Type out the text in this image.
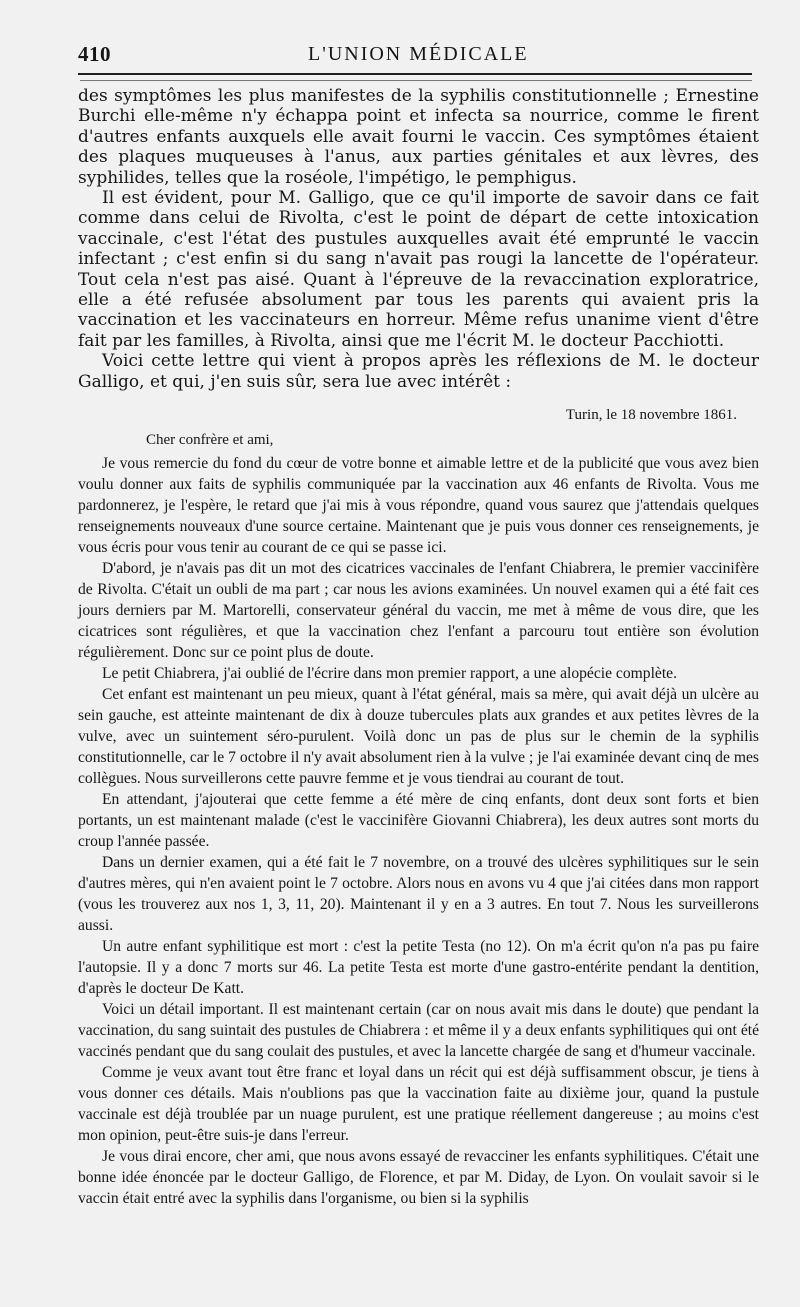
410	L'UNION MÉDICALE

des symptômes les plus manifestes de la syphilis constitutionnelle ; Ernestine Burchi elle-même n'y échappa point et infecta sa nourrice, comme le firent d'autres enfants auxquels elle avait fourni le vaccin. Ces symptômes étaient des plaques muqueuses à l'anus, aux parties génitales et aux lèvres, des syphilides, telles que la roséole, l'impétigo, le pemphigus.

Il est évident, pour M. Galligo, que ce qu'il importe de savoir dans ce fait comme dans celui de Rivolta, c'est le point de départ de cette intoxication vaccinale, c'est l'état des pustules auxquelles avait été emprunté le vaccin infectant ; c'est enfin si du sang n'avait pas rougi la lancette de l'opérateur. Tout cela n'est pas aisé. Quant à l'épreuve de la revaccination exploratrice, elle a été refusée absolument par tous les parents qui avaient pris la vaccination et les vaccinateurs en horreur. Même refus unanime vient d'être fait par les familles, à Rivolta, ainsi que me l'écrit M. le docteur Pacchiotti.

Voici cette lettre qui vient à propos après les réflexions de M. le docteur Galligo, et qui, j'en suis sûr, sera lue avec intérêt :

Turin, le 18 novembre 1861.
Cher confrère et ami,

Je vous remercie du fond du cœur de votre bonne et aimable lettre et de la publicité que vous avez bien voulu donner aux faits de syphilis communiquée par la vaccination aux 46 enfants de Rivolta. Vous me pardonnerez, je l'espère, le retard que j'ai mis à vous répondre, quand vous saurez que j'attendais quelques renseignements nouveaux d'une source certaine. Maintenant que je puis vous donner ces renseignements, je vous écris pour vous tenir au courant de ce qui se passe ici.

D'abord, je n'avais pas dit un mot des cicatrices vaccinales de l'enfant Chiabrera, le premier vaccinifère de Rivolta. C'était un oubli de ma part ; car nous les avions examinées. Un nouvel examen qui a été fait ces jours derniers par M. Martorelli, conservateur général du vaccin, me met à même de vous dire, que les cicatrices sont régulières, et que la vaccination chez l'enfant a parcouru tout entière son évolution régulièrement. Donc sur ce point plus de doute.

Le petit Chiabrera, j'ai oublié de l'écrire dans mon premier rapport, a une alopécie complète.

Cet enfant est maintenant un peu mieux, quant à l'état général, mais sa mère, qui avait déjà un ulcère au sein gauche, est atteinte maintenant de dix à douze tubercules plats aux grandes et aux petites lèvres de la vulve, avec un suintement séro-purulent. Voilà donc un pas de plus sur le chemin de la syphilis constitutionnelle, car le 7 octobre il n'y avait absolument rien à la vulve ; je l'ai examinée devant cinq de mes collègues. Nous surveillerons cette pauvre femme et je vous tiendrai au courant de tout.

En attendant, j'ajouterai que cette femme a été mère de cinq enfants, dont deux sont forts et bien portants, un est maintenant malade (c'est le vaccinifère Giovanni Chiabrera), les deux autres sont morts du croup l'année passée.

Dans un dernier examen, qui a été fait le 7 novembre, on a trouvé des ulcères syphilitiques sur le sein d'autres mères, qui n'en avaient point le 7 octobre. Alors nous en avons vu 4 que j'ai citées dans mon rapport (vous les trouverez aux nos 1, 3, 11, 20). Maintenant il y en a 3 autres. En tout 7. Nous les surveillerons aussi.

Un autre enfant syphilitique est mort : c'est la petite Testa (no 12). On m'a écrit qu'on n'a pas pu faire l'autopsie. Il y a donc 7 morts sur 46. La petite Testa est morte d'une gastro-entérite pendant la dentition, d'après le docteur De Katt.

Voici un détail important. Il est maintenant certain (car on nous avait mis dans le doute) que pendant la vaccination, du sang suintait des pustules de Chiabrera : et même il y a deux enfants syphilitiques qui ont été vaccinés pendant que du sang coulait des pustules, et avec la lancette chargée de sang et d'humeur vaccinale.

Comme je veux avant tout être franc et loyal dans un récit qui est déjà suffisamment obscur, je tiens à vous donner ces détails. Mais n'oublions pas que la vaccination faite au dixième jour, quand la pustule vaccinale est déjà troublée par un nuage purulent, est une pratique réellement dangereuse ; au moins c'est mon opinion, peut-être suis-je dans l'erreur.

Je vous dirai encore, cher ami, que nous avons essayé de revacciner les enfants syphilitiques. C'était une bonne idée énoncée par le docteur Galligo, de Florence, et par M. Diday, de Lyon. On voulait savoir si le vaccin était entré avec la syphilis dans l'organisme, ou bien si la syphilis
